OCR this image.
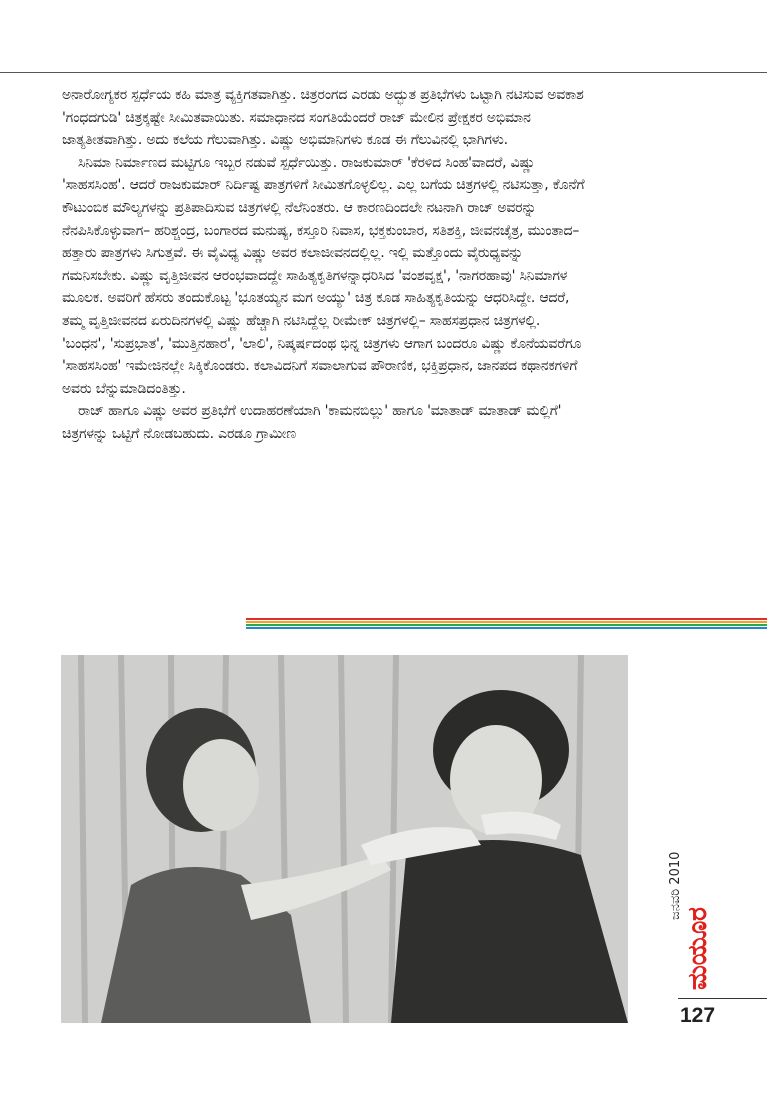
ಅನಾರೋಗ್ಯಕರ ಸ್ಪರ್ಧೆಯ ಕಹಿ ಮಾತ್ರ ವ್ಯಕ್ತಿಗತವಾಗಿತ್ತು. ಚಿತ್ರರಂಗದ ಎರಡು ಅದ್ಭುತ ಪ್ರತಿಭೆಗಳು ಒಟ್ಟಾಗಿ ನಟಿಸುವ ಅವಕಾಶ 'ಗಂಧದಗುಡಿ' ಚಿತ್ರಕ್ಕಷ್ಟೇ ಸೀಮಿತವಾಯಿತು. ಸಮಾಧಾನದ ಸಂಗತಿಯೆಂದರೆ ರಾಜ್ ಮೇಲಿನ ಪ್ರೇಕ್ಷಕರ ಅಭಿಮಾನ ಜಾತ್ಯತೀತವಾಗಿತ್ತು. ಅದು ಕಲೆಯ ಗೆಲುವಾಗಿತ್ತು. ವಿಷ್ಣು ಅಭಿಮಾನಿಗಳು ಕೂಡ ಈ ಗೆಲುವಿನಲ್ಲಿ ಭಾಗಿಗಳು.

ಸಿನಿಮಾ ನಿರ್ಮಾಣದ ಮಟ್ಟಿಗೂ ಇಬ್ಬರ ನಡುವೆ ಸ್ಪರ್ಧೆಯಿತ್ತು. ರಾಜಕುಮಾರ್ 'ಕೆರಳಿದ ಸಿಂಹ'ವಾದರೆ, ವಿಷ್ಣು 'ಸಾಹಸಸಿಂಹ'. ಆದರೆ ರಾಜಕುಮಾರ್ ನಿರ್ದಿಷ್ಟ ಪಾತ್ರಗಳಿಗೆ ಸೀಮಿತಗೊಳ್ಳಲಿಲ್ಲ. ಎಲ್ಲ ಬಗೆಯ ಚಿತ್ರಗಳಲ್ಲಿ ನಟಿಸುತ್ತಾ, ಕೊನೆಗೆ ಕೌಟುಂಬಿಕ ಮೌಲ್ಯಗಳನ್ನು ಪ್ರತಿಪಾದಿಸುವ ಚಿತ್ರಗಳಲ್ಲಿ ನೆಲೆನಿಂತರು. ಆ ಕಾರಣದಿಂದಲೇ ನಟನಾಗಿ ರಾಜ್ ಅವರನ್ನು ನೆನಪಿಸಿಕೊಳ್ಳುವಾಗ– ಹರಿಶ್ಚಂದ್ರ, ಬಂಗಾರದ ಮನುಷ್ಯ, ಕಸ್ತೂರಿ ನಿವಾಸ, ಭಕ್ತಕುಂಬಾರ, ಸತಿಶಕ್ತಿ, ಜೀವನಚೈತ್ರ, ಮುಂತಾದ– ಹತ್ತಾರು ಪಾತ್ರಗಳು ಸಿಗುತ್ತವೆ. ಈ ವೈವಿಧ್ಯ ವಿಷ್ಣು ಅವರ ಕಲಾಜೀವನದಲ್ಲಿಲ್ಲ. ಇಲ್ಲಿ ಮತ್ತೊಂದು ವೈರುಧ್ಯವನ್ನು ಗಮನಿಸಬೇಕು. ವಿಷ್ಣು ವೃತ್ತಿಜೀವನ ಆರಂಭವಾದದ್ದೇ ಸಾಹಿತ್ಯಕೃತಿಗಳನ್ನಾಧರಿಸಿದ 'ವಂಶವೃಕ್ಷ', 'ನಾಗರಹಾವು' ಸಿನಿಮಾಗಳ ಮೂಲಕ. ಅವರಿಗೆ ಹೆಸರು ತಂದುಕೊಟ್ಟ 'ಭೂತಯ್ಯನ ಮಗ ಅಯ್ಯು' ಚಿತ್ರ ಕೂಡ ಸಾಹಿತ್ಯಕೃತಿಯನ್ನು ಆಧರಿಸಿದ್ದೇ. ಆದರೆ, ತಮ್ಮ ವೃತ್ತಿಜೀವನದ ಏರುದಿನಗಳಲ್ಲಿ ವಿಷ್ಣು ಹೆಚ್ಚಾಗಿ ನಟಿಸಿದ್ದೆಲ್ಲ ರೀಮೇಕ್ ಚಿತ್ರಗಳಲ್ಲಿ– ಸಾಹಸಪ್ರಧಾನ ಚಿತ್ರಗಳಲ್ಲಿ. 'ಬಂಧನ', 'ಸುಪ್ರಭಾತ', 'ಮುತ್ತಿನಹಾರ', 'ಲಾಲಿ', ನಿಷ್ಕರ್ಷದಂಥ ಭಿನ್ನ ಚಿತ್ರಗಳು ಆಗಾಗ ಬಂದರೂ ವಿಷ್ಣು ಕೊನೆಯವರೆಗೂ 'ಸಾಹಸಸಿಂಹ' ಇಮೇಜಿನಲ್ಲೇ ಸಿಕ್ಕಿಕೊಂಡರು. ಕಲಾವಿದನಿಗೆ ಸವಾಲಾಗುವ ಪೌರಾಣಿಕ, ಭಕ್ತಿಪ್ರಧಾನ, ಜಾನಪದ ಕಥಾನಕಗಳಿಗೆ ಅವರು ಬೆನ್ನುಮಾಡಿದಂತಿತ್ತು.

ರಾಜ್ ಹಾಗೂ ವಿಷ್ಣು ಅವರ ಪ್ರತಿಭೆಗೆ ಉದಾಹರಣೆಯಾಗಿ 'ಕಾಮನಬಿಲ್ಲು' ಹಾಗೂ 'ಮಾತಾಡ್ ಮಾತಾಡ್ ಮಲ್ಲಿಗೆ' ಚಿತ್ರಗಳನ್ನು ಒಟ್ಟಿಗೆ ನೋಡಬಹುದು. ಎರಡೂ ಗ್ರಾಮೀಣ

ಜನವರಿ 2010
ಮಯೂರ
127
